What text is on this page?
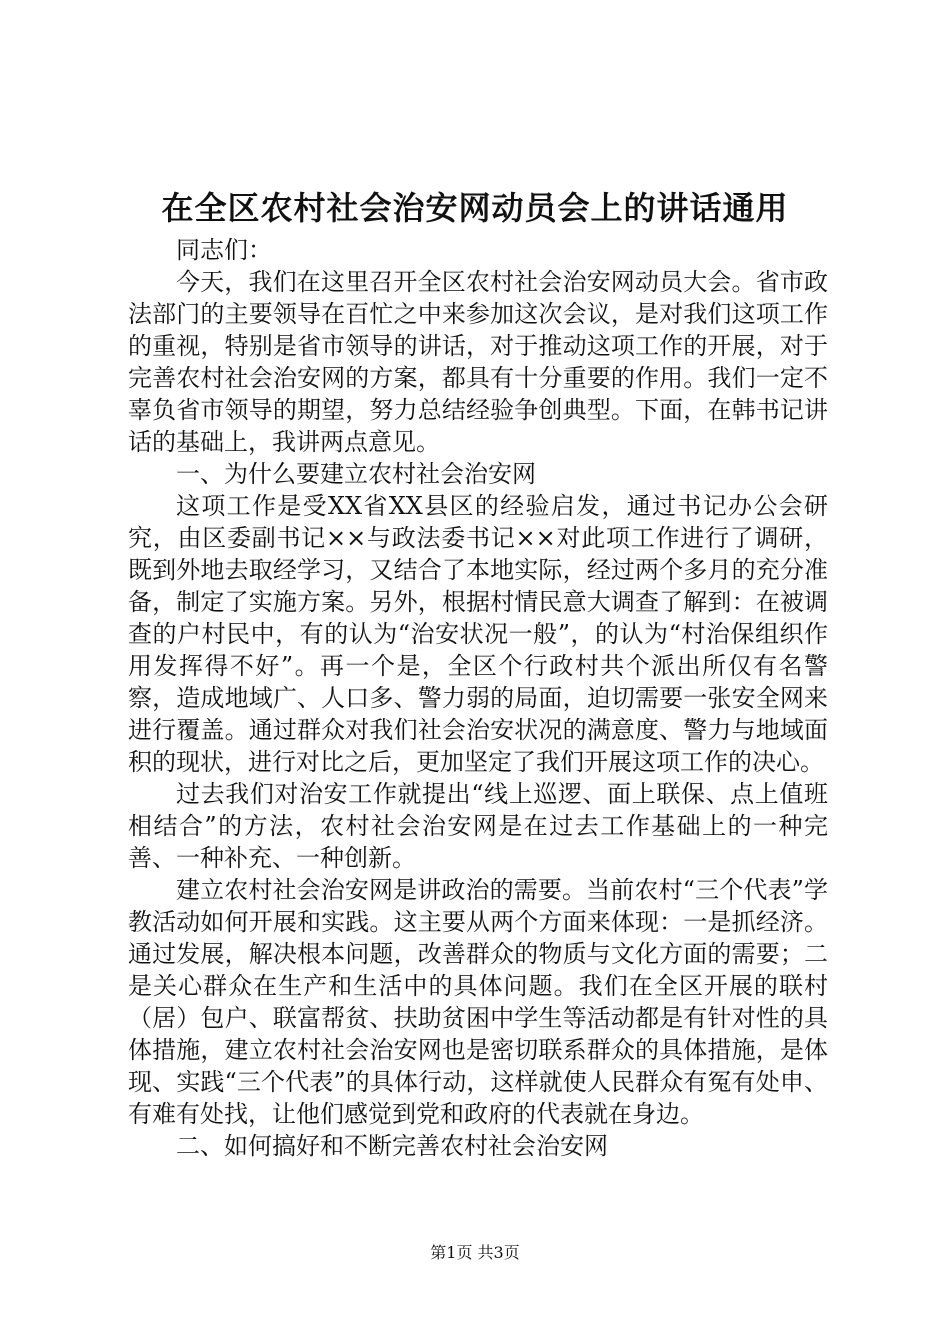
在全区农村社会治安网动员会上的讲话通用

同志们：

今天，我们在这里召开全区农村社会治安网动员大会。省市政法部门的主要领导在百忙之中来参加这次会议，是对我们这项工作的重视，特别是省市领导的讲话，对于推动这项工作的开展，对于完善农村社会治安网的方案，都具有十分重要的作用。我们一定不辜负省市领导的期望，努力总结经验争创典型。下面，在韩书记讲话的基础上，我讲两点意见。

一、为什么要建立农村社会治安网

这项工作是受XX省XX县区的经验启发，通过书记办公会研究，由区委副书记××与政法委书记××对此项工作进行了调研，既到外地去取经学习，又结合了本地实际，经过两个多月的充分准备，制定了实施方案。另外，根据村情民意大调查了解到：在被调查的户村民中，有的认为“治安状况一般”，的认为“村治保组织作用发挥得不好”。再一个是，全区个行政村共个派出所仅有名警察，造成地域广、人口多、警力弱的局面，迫切需要一张安全网来进行覆盖。通过群众对我们社会治安状况的满意度、警力与地域面积的现状，进行对比之后，更加坚定了我们开展这项工作的决心。

过去我们对治安工作就提出“线上巡逻、面上联保、点上值班相结合”的方法，农村社会治安网是在过去工作基础上的一种完善、一种补充、一种创新。

建立农村社会治安网是讲政治的需要。当前农村“三个代表”学教活动如何开展和实践。这主要从两个方面来体现：一是抓经济。通过发展，解决根本问题，改善群众的物质与文化方面的需要；二是关心群众在生产和生活中的具体问题。我们在全区开展的联村（居）包户、联富帮贫、扶助贫困中学生等活动都是有针对性的具体措施，建立农村社会治安网也是密切联系群众的具体措施，是体现、实践“三个代表”的具体行动，这样就使人民群众有冤有处申、有难有处找，让他们感觉到党和政府的代表就在身边。

二、如何搞好和不断完善农村社会治安网

第1页 共3页
